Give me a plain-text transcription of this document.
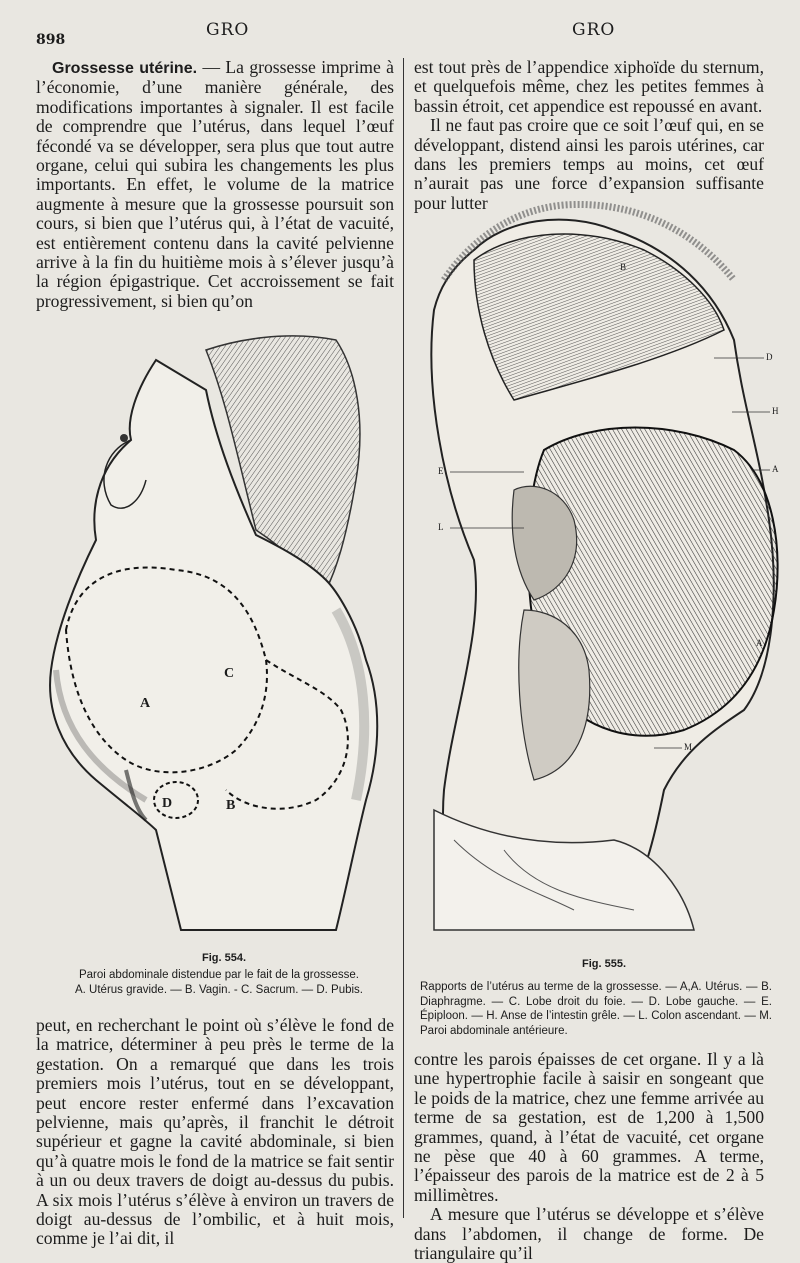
898	GRO	GRO

Grossesse utérine. — La grossesse imprime à l’économie, d’une manière générale, des modifications importantes à signaler. Il est facile de comprendre que l’utérus, dans lequel l’œuf fécondé va se développer, sera plus que tout autre organe, celui qui subira les changements les plus importants. En effet, le volume de la matrice augmente à mesure que la grossesse poursuit son cours, si bien que l’utérus qui, à l’état de vacuité, est entièrement contenu dans la cavité pelvienne arrive à la fin du huitième mois à s’élever jusqu’à la région épigastrique. Cet accroissement se fait progressivement, si bien qu’on

est tout près de l’appendice xiphoïde du sternum, et quelquefois même, chez les petites femmes à bassin étroit, cet appendice est repoussé en avant.

Il ne faut pas croire que ce soit l’œuf qui, en se développant, distend ainsi les parois utérines, car dans les premiers temps au moins, cet œuf n’aurait pas une force d’expansion suffisante pour lutter

A
B
C
D
Fig. 554.
Paroi abdominale distendue par le fait de la grossesse.
A. Utérus gravide. — B. Vagin. - C. Sacrum. — D. Pubis.
B
D
H
A
E
L
A
M
Fig. 555.
Rapports de l’utérus au terme de la grossesse. — A,A. Utérus. — B. Diaphragme. — C. Lobe droit du foie. — D. Lobe gauche. — E. Épiploon. — H. Anse de l’intestin grêle. — L. Colon ascendant. — M. Paroi abdominale antérieure.

peut, en recherchant le point où s’élève le fond de la matrice, déterminer à peu près le terme de la gestation. On a remarqué que dans les trois premiers mois l’utérus, tout en se développant, peut encore rester enfermé dans l’excavation pelvienne, mais qu’après, il franchit le détroit supérieur et gagne la cavité abdominale, si bien qu’à quatre mois le fond de la matrice se fait sentir à un ou deux travers de doigt au-dessus du pubis. A six mois l’utérus s’élève à environ un travers de doigt au-dessus de l’ombilic, et à huit mois, comme je l’ai dit, il

contre les parois épaisses de cet organe. Il y a là une hypertrophie facile à saisir en songeant que le poids de la matrice, chez une femme arrivée au terme de sa gestation, est de 1,200 à 1,500 grammes, quand, à l’état de vacuité, cet organe ne pèse que 40 à 60 grammes. A terme, l’épaisseur des parois de la matrice est de 2 à 5 millimètres.

A mesure que l’utérus se développe et s’élève dans l’abdomen, il change de forme. De triangulaire qu’il
